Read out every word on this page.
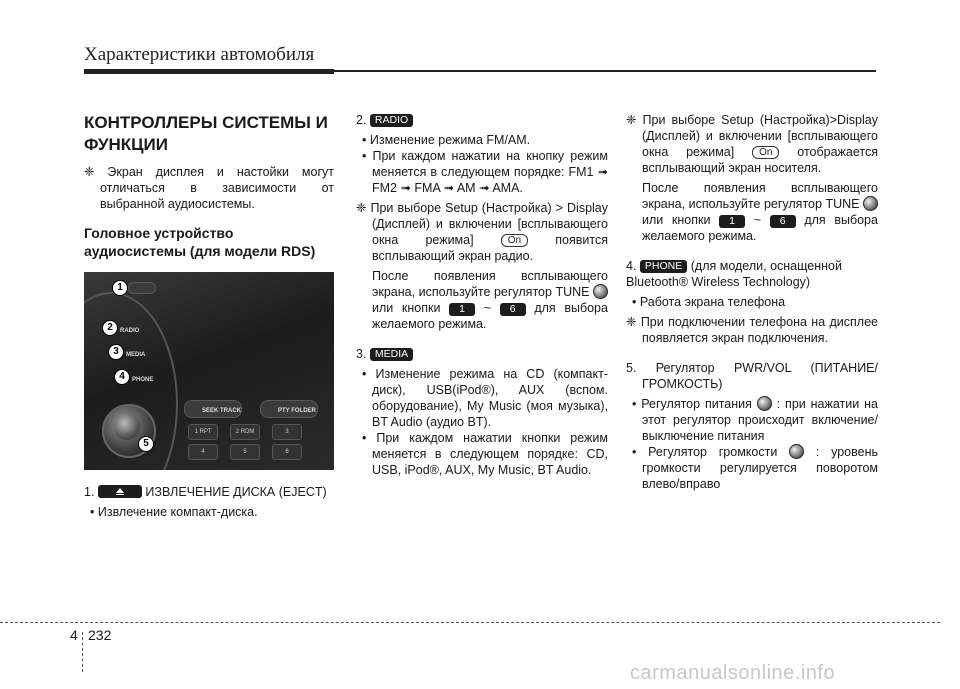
Характеристики автомобиля

КОНТРОЛЛЕРЫ СИСТЕМЫ И ФУНКЦИИ

❈ Экран дисплея и настойки могут отличаться в зависимости от выбранной аудиосистемы.

Головное устройство аудиосистемы (для модели RDS)

1
2	RADIO
3	MEDIA
4	PHONE
SEEK TRACK	PTY FOLDER
1 RPT	2 RDM	3
4	5	6
5

1.	ИЗВЛЕЧЕНИЕ ДИСКА (EJECT)

• Извлечение компакт-диска.

2. RADIO

• Изменение режима FM/AM.

• При каждом нажатии на кнопку режим меняется в следующем порядке: FM1 ➟ FM2 ➟ FMA ➟ AM ➟ AMA.

❈ При выборе Setup (Настройка) > Display (Дисплей) и включении [всплывающего окна режима]	On	появится всплывающий экран радио.

После появления всплывающего экрана, используйте регулятор TUNE  или кнопки 1 ~ 6 для выбора желаемого режима.

3. MEDIA

• Изменение режима на CD (компакт-диск), USB(iPod®), AUX (вспом. оборудование), My Music (моя музыка), BT Audio (аудио BT).

• При каждом нажатии кнопки режим меняется в следующем порядке: CD, USB, iPod®, AUX, My Music, BT Audio.

❈ При выборе Setup (Настройка)>Display (Дисплей) и включении [всплывающего окна режима] On отображается всплывающий экран носителя.

После появления всплывающего экрана, используйте регулятор TUNE  или кнопки 1 ~ 6 для выбора желаемого режима.

4. PHONE (для модели, оснащенной Bluetooth® Wireless Technology)

• Работа экрана телефона

❈ При подключении телефона на дисплее появляется экран подключения.

5. Регулятор PWR/VOL (ПИТАНИЕ/ГРОМКОСТЬ)

• Регулятор питания : при нажатии на этот регулятор происходит включение/выключение питания

• Регулятор громкости	: уровень громкости регулируется поворотом влево/вправо

4 232
carmanualsonline.info
